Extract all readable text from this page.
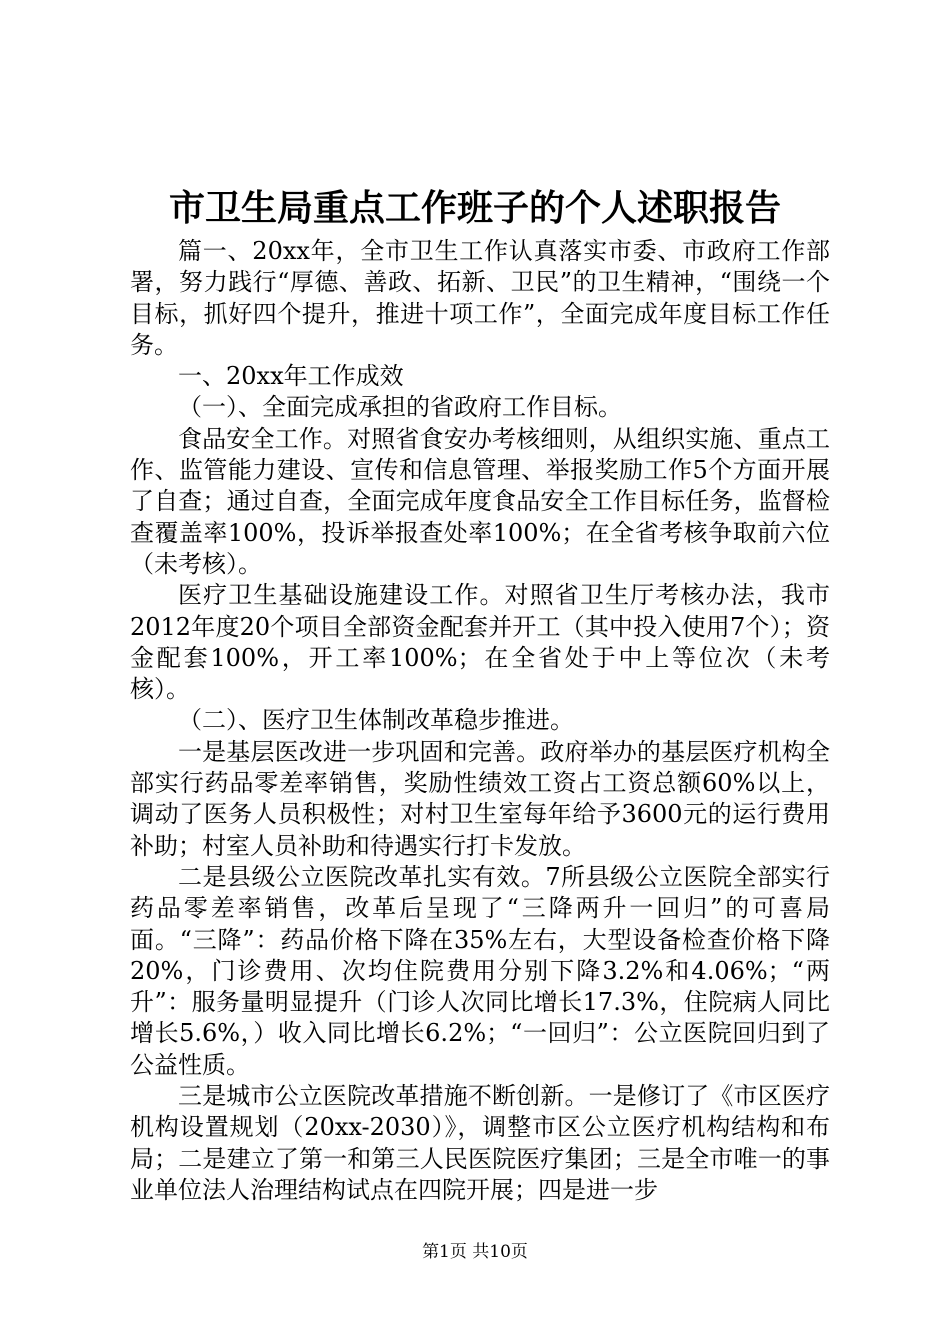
市卫生局重点工作班子的个人述职报告

篇一、20xx年，全市卫生工作认真落实市委、市政府工作部署，努力践行“厚德、善政、拓新、卫民”的卫生精神，“围绕一个目标，抓好四个提升，推进十项工作”，全面完成年度目标工作任务。

一、20xx年工作成效

（一）、全面完成承担的省政府工作目标。

食品安全工作。对照省食安办考核细则，从组织实施、重点工作、监管能力建设、宣传和信息管理、举报奖励工作5个方面开展了自查；通过自查，全面完成年度食品安全工作目标任务，监督检查覆盖率100%，投诉举报查处率100%；在全省考核争取前六位（未考核）。

医疗卫生基础设施建设工作。对照省卫生厅考核办法，我市2012年度20个项目全部资金配套并开工（其中投入使用7个）；资金配套100%，开工率100%；在全省处于中上等位次（未考核）。

（二）、医疗卫生体制改革稳步推进。

一是基层医改进一步巩固和完善。政府举办的基层医疗机构全部实行药品零差率销售，奖励性绩效工资占工资总额60%以上，调动了医务人员积极性；对村卫生室每年给予3600元的运行费用补助；村室人员补助和待遇实行打卡发放。

二是县级公立医院改革扎实有效。7所县级公立医院全部实行药品零差率销售，改革后呈现了“三降两升一回归”的可喜局面。“三降”：药品价格下降在35%左右，大型设备检查价格下降20%，门诊费用、次均住院费用分别下降3.2%和4.06%；“两升”：服务量明显提升（门诊人次同比增长17.3%，住院病人同比增长5.6%，）收入同比增长6.2%；“一回归”：公立医院回归到了公益性质。

三是城市公立医院改革措施不断创新。一是修订了《市区医疗机构设置规划（20xx-2030）》，调整市区公立医疗机构结构和布局；二是建立了第一和第三人民医院医疗集团；三是全市唯一的事业单位法人治理结构试点在四院开展；四是进一步

第1页 共10页
